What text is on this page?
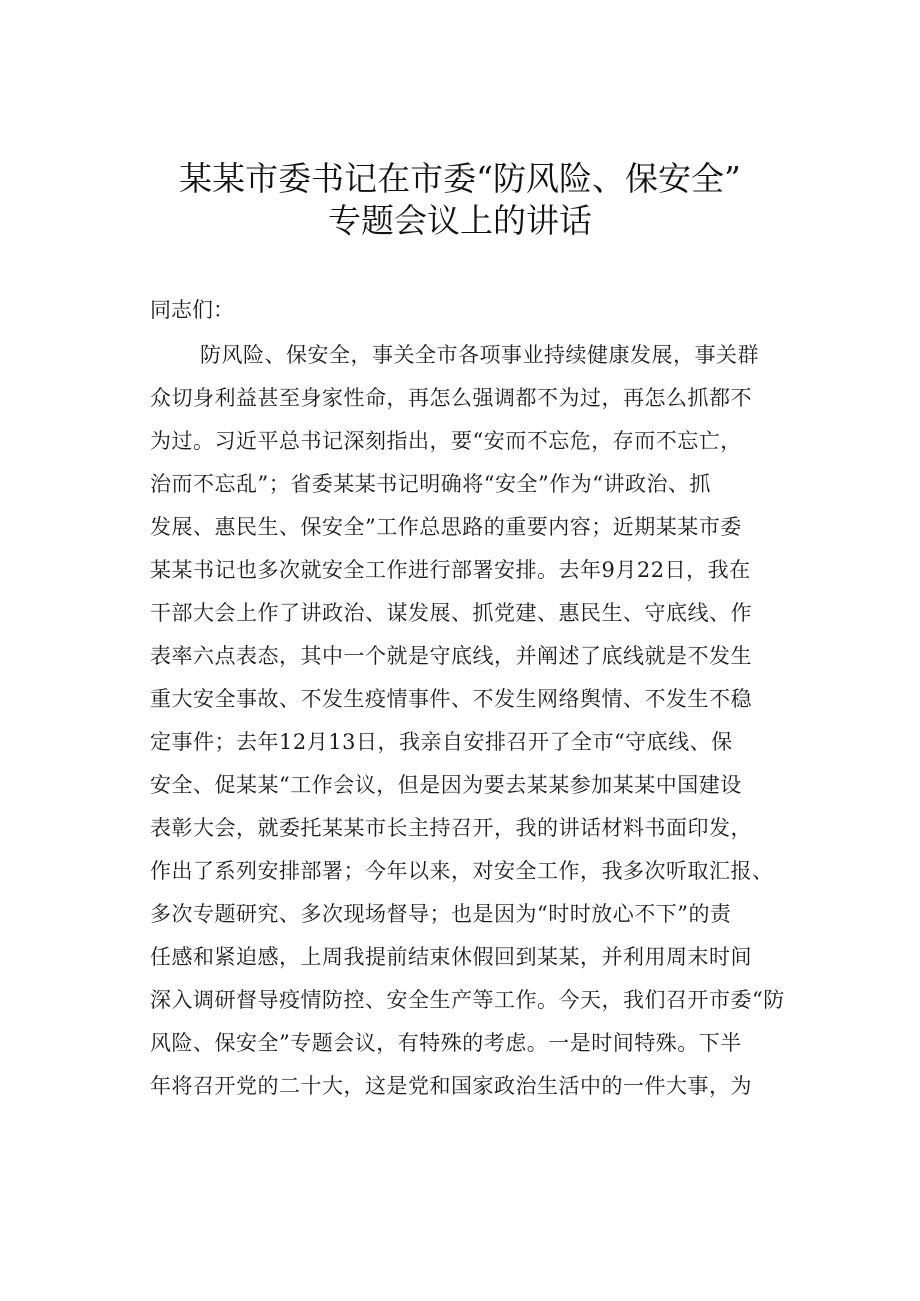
某某市委书记在市委“防风险、保安全”
专题会议上的讲话

同志们：

防风险、保安全，事关全市各项事业持续健康发展，事关群
众切身利益甚至身家性命，再怎么强调都不为过，再怎么抓都不
为过。习近平总书记深刻指出，要“安而不忘危，存而不忘亡，
治而不忘乱”；省委某某书记明确将“安全”作为“讲政治、抓
发展、惠民生、保安全”工作总思路的重要内容；近期某某市委
某某书记也多次就安全工作进行部署安排。去年9月22日，我在
干部大会上作了讲政治、谋发展、抓党建、惠民生、守底线、作
表率六点表态，其中一个就是守底线，并阐述了底线就是不发生
重大安全事故、不发生疫情事件、不发生网络舆情、不发生不稳
定事件；去年12月13日，我亲自安排召开了全市“守底线、保
安全、促某某“工作会议，但是因为要去某某参加某某中国建设
表彰大会，就委托某某市长主持召开，我的讲话材料书面印发，
作出了系列安排部署；今年以来，对安全工作，我多次听取汇报、
多次专题研究、多次现场督导；也是因为“时时放心不下”的责
任感和紧迫感，上周我提前结束休假回到某某，并利用周末时间
深入调研督导疫情防控、安全生产等工作。今天，我们召开市委“防
风险、保安全”专题会议，有特殊的考虑。一是时间特殊。下半
年将召开党的二十大，这是党和国家政治生活中的一件大事，为
